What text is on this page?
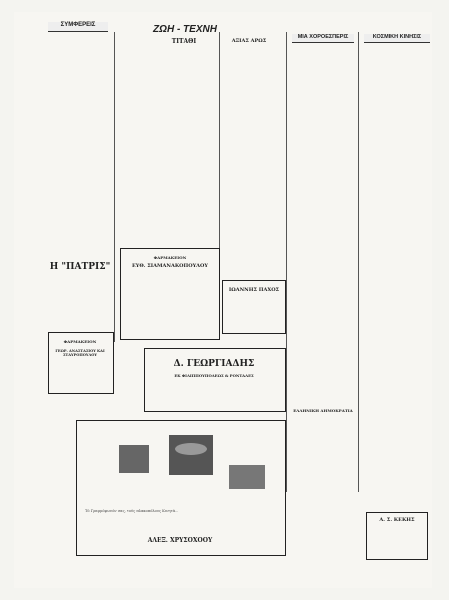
ΣΥΜΦΕΡΕΙΣ	ΖΩΗ - ΤΕΧΝΗ
ΤΙΤΑΘΙ	ΑΞΙΑΣ ΑΡΩΣ
ΜΙΑ ΧΟΡΟΕΣΠΕΡΙΣ	ΚΟΣΜΙΚΗ ΚΙΝΗΣΙΣ
Η "ΠΑΤΡΙΣ"
ΦΑΡΜΑΚΕΙΟΝ
ΓΕΩΡ. ΑΝΑΣΤΑΣΙΟΥ ΚΑΙ ΣΤΑΥΡΟΠΟΥΛΟΥ
ΦΑΡΜΑΚΕΙΟΝ
ΕΥΘ. ΣΙΑΜΑΝΑΚΟΠΟΥΛΟΥ
ΙΩΑΝΝΗΣ ΠΑΧΟΣ
Δ. ΓΕΩΡΓΙΑΔΗΣ
ΕΚ ΦΙΛΙΠΠΟΥΠΟΛΕΩΣ & ΡΟΝΤΑΛΕΣ
Τό Γραμμόφωνόν σας, τούς πλακοπόλους Κινητά...
ΑΛΕΞ. ΧΡΥΣΟΧΟΟΥ
ΕΛΛΗΝΙΚΗ ΔΗΜΟΚΡΑΤΙΑ
Α. Σ. ΚΕΚΗΣ
